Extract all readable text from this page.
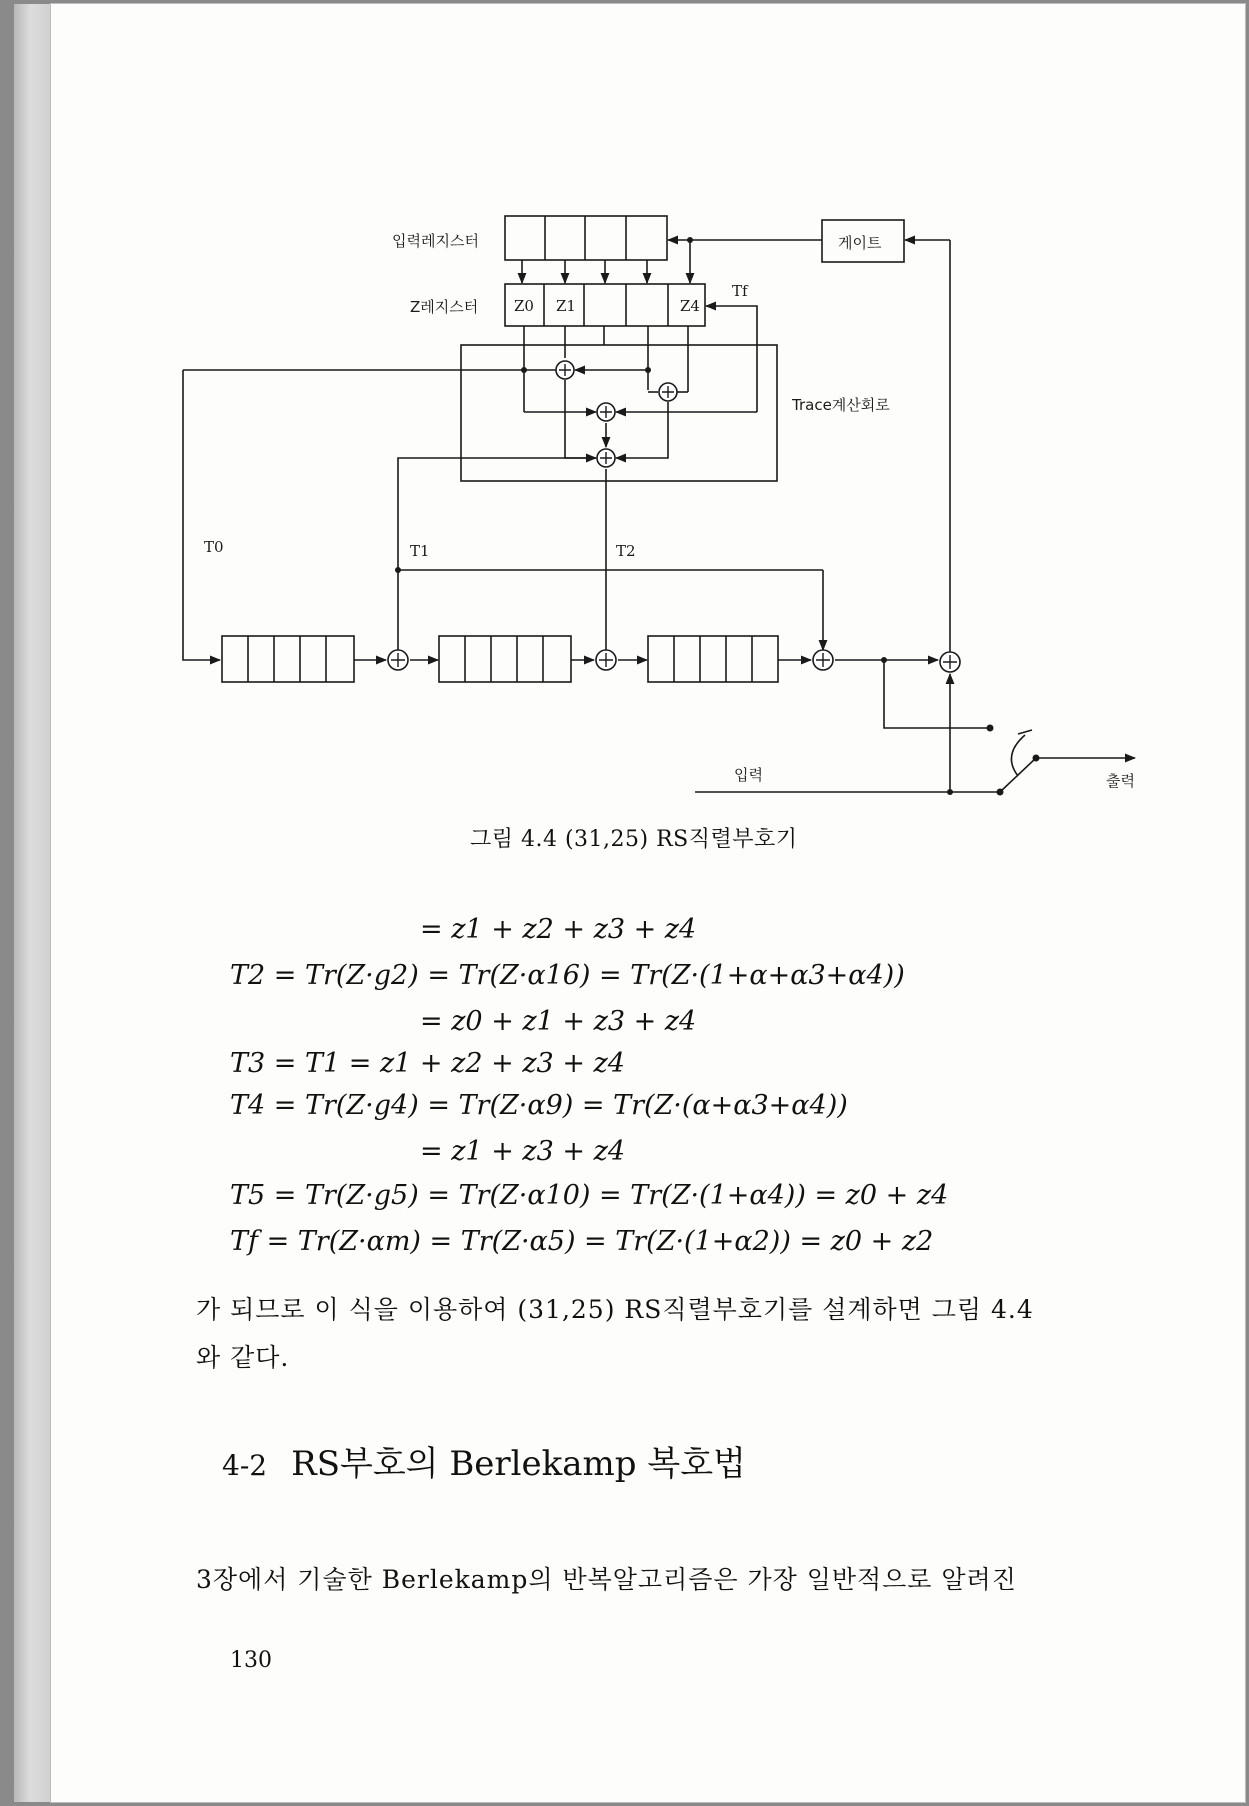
입력레지스터
Z레지스터
게이트
Tf
Trace계산회로
Z0 Z1	Z4
T0	T1	T2
입력	출력
그림 4.4 (31,25) RS직렬부호기
= z1 + z2 + z3 + z4
T2 = Tr(Z·g2) = Tr(Z·α16) = Tr(Z·(1+α+α3+α4))
= z0 + z1 + z3 + z4
T3 = T1 = z1 + z2 + z3 + z4
T4 = Tr(Z·g4) = Tr(Z·α9) = Tr(Z·(α+α3+α4))
= z1 + z3 + z4
T5 = Tr(Z·g5) = Tr(Z·α10) = Tr(Z·(1+α4)) = z0 + z4
Tf = Tr(Z·αm) = Tr(Z·α5) = Tr(Z·(1+α2)) = z0 + z2
가 되므로 이 식을 이용하여 (31,25) RS직렬부호기를 설계하면 그림 4.4
와 같다.
4-2 RS부호의 Berlekamp 복호법
3장에서 기술한 Berlekamp의 반복알고리즘은 가장 일반적으로 알려진
130
